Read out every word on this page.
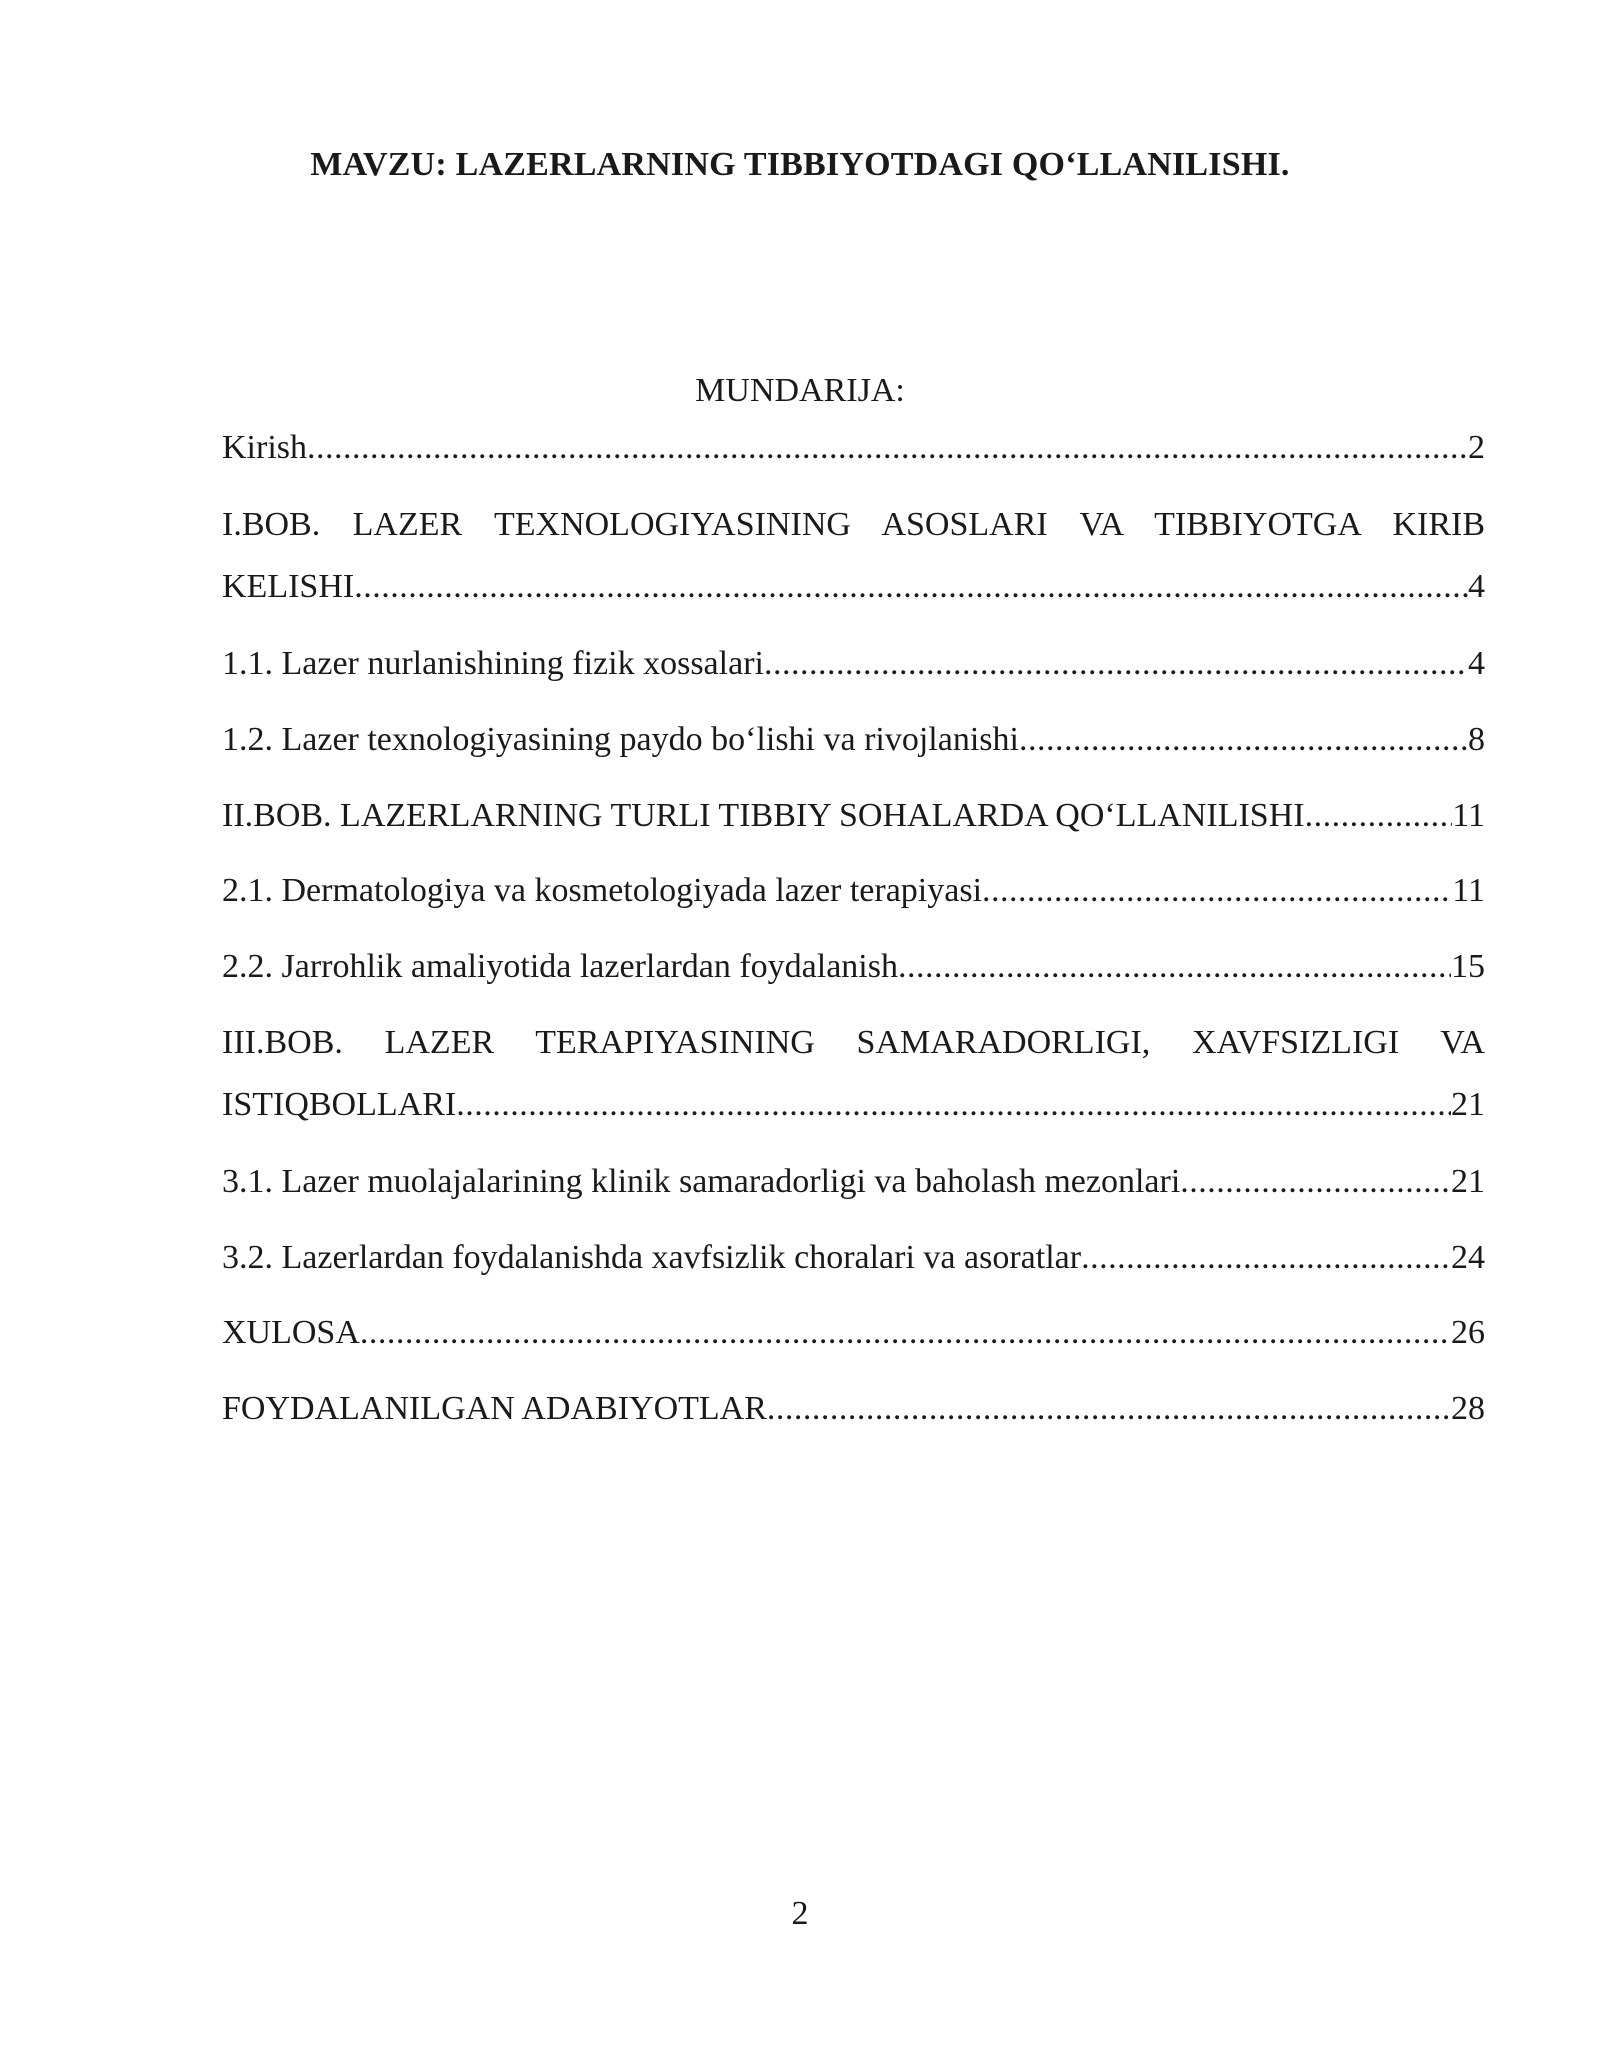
MAVZU: LAZERLARNING TIBBIYOTDAGI QO‘LLANILISHI.
MUNDARIJA:
Kirish .....	2
I.BOB. LAZER TEXNOLOGIYASINING ASOSLARI VA TIBBIYOTGA KIRIB
KELISHI .....	4
1.1. Lazer nurlanishining fizik xossalari .....	4
1.2. Lazer texnologiyasining paydo bo‘lishi va rivojlanishi .....	8
II.BOB. LAZERLARNING TURLI TIBBIY SOHALARDA QO‘LLANILISHI .....	11
2.1. Dermatologiya va kosmetologiyada lazer terapiyasi .....	11
2.2. Jarrohlik amaliyotida lazerlardan foydalanish .....	15
III.BOB. LAZER TERAPIYASINING SAMARADORLIGI, XAVFSIZLIGI VA
ISTIQBOLLARI .....	21
3.1. Lazer muolajalarining klinik samaradorligi va baholash mezonlari .....	21
3.2. Lazerlardan foydalanishda xavfsizlik choralari va asoratlar .....	24
XULOSA .....	26
FOYDALANILGAN ADABIYOTLAR .....	28
2
